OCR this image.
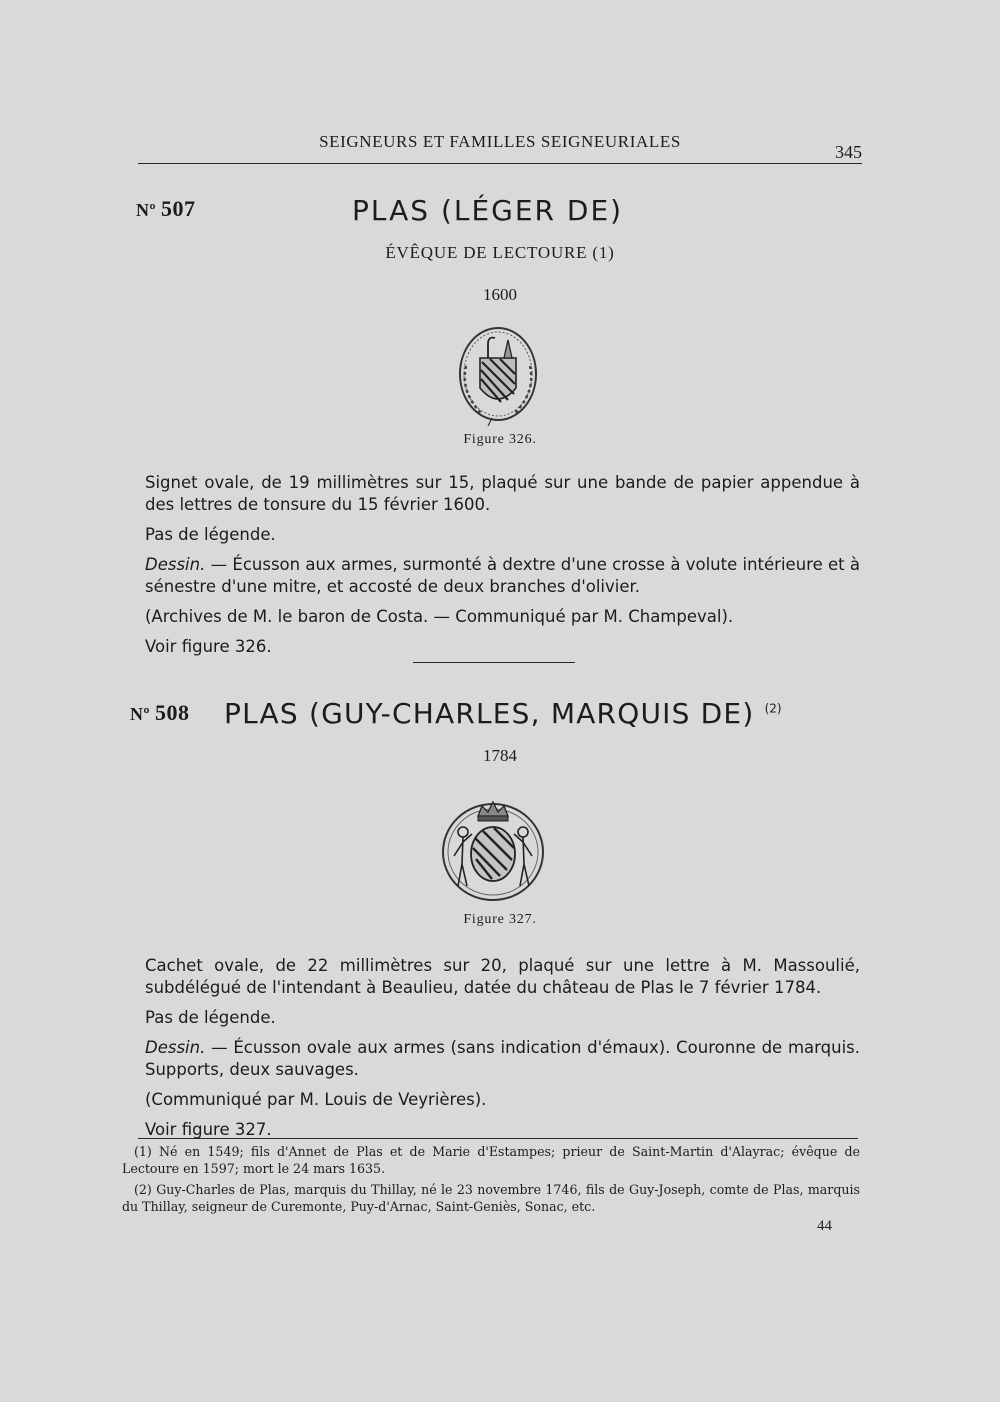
SEIGNEURS ET FAMILLES SEIGNEURIALES
345
Nº 507	PLAS (LÉGER DE)
ÉVÊQUE DE LECTOURE (1)
1600
Figure 326.

Signet ovale, de 19 millimètres sur 15, plaqué sur une bande de papier appendue à des lettres de tonsure du 15 février 1600.

Pas de légende.

Dessin. — Écusson aux armes, surmonté à dextre d'une crosse à volute intérieure et à sénestre d'une mitre, et accosté de deux branches d'olivier.

(Archives de M. le baron de Costa. — Communiqué par M. Champeval).

Voir figure 326.

Nº 508 PLAS (GUY-CHARLES, MARQUIS DE) $^{(2)}$
1784
Figure 327.

Cachet ovale, de 22 millimètres sur 20, plaqué sur une lettre à M. Massoulié, subdélégué de l'intendant à Beaulieu, datée du château de Plas le 7 février 1784.

Pas de légende.

Dessin. — Écusson ovale aux armes (sans indication d'émaux). Couronne de marquis. Supports, deux sauvages.

(Communiqué par M. Louis de Veyrières).

Voir figure 327.

(1) Né en 1549; fils d'Annet de Plas et de Marie d'Estampes; prieur de Saint-Martin d'Alayrac; évêque de Lectoure en 1597; mort le 24 mars 1635.

(2) Guy-Charles de Plas, marquis du Thillay, né le 23 novembre 1746, fils de Guy-Joseph, comte de Plas, marquis du Thillay, seigneur de Curemonte, Puy-d'Arnac, Saint-Geniès, Sonac, etc.

44
